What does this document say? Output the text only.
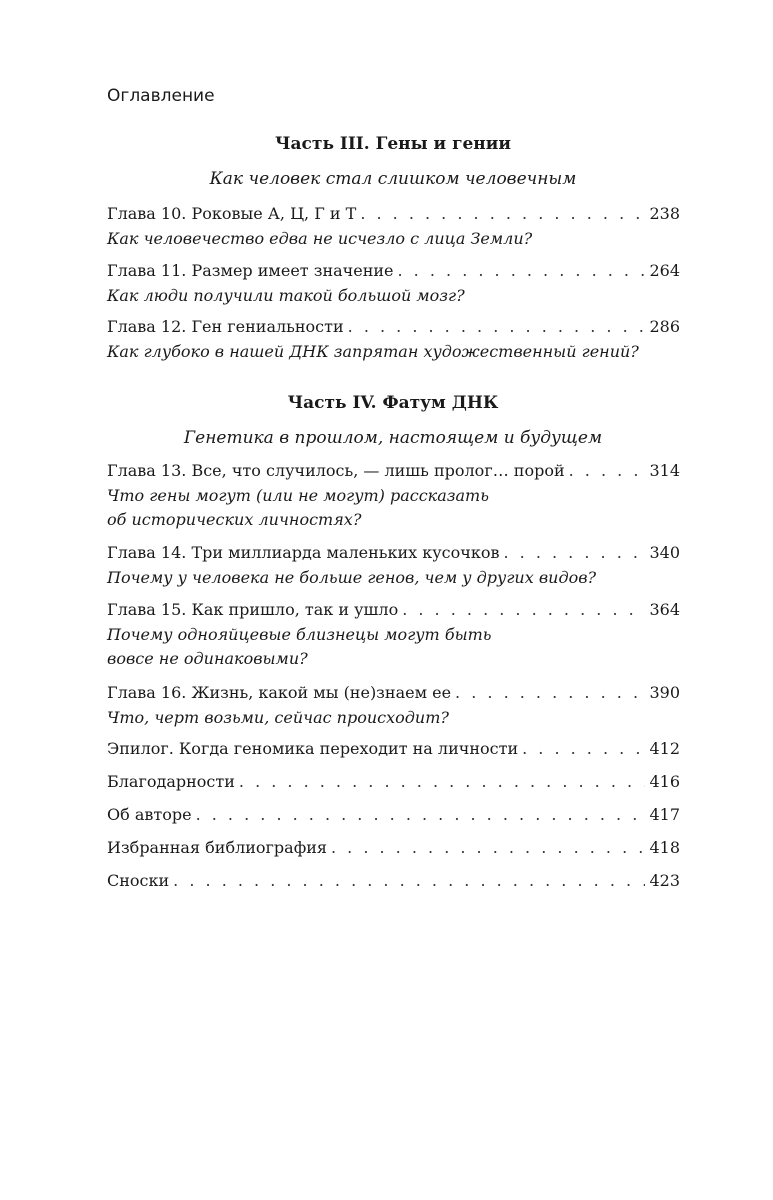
Оглавление
Часть III. Гены и гении
Как человек стал слишком человечным
Глава 10. Роковые А, Ц, Г и Т . . .	238
Как человечество едва не исчезло с лица Земли?
Глава 11. Размер имеет значение . . .	264
Как люди получили такой большой мозг?
Глава 12. Ген гениальности . . .	286
Как глубоко в нашей ДНК запрятан художественный гений?
Часть IV. Фатум ДНК
Генетика в прошлом, настоящем и будущем
Глава 13. Все, что случилось, — лишь пролог… порой . . .	314
Что гены могут (или не могут) рассказать
об исторических личностях?
Глава 14. Три миллиарда маленьких кусочков . . .	340
Почему у человека не больше генов, чем у других видов?
Глава 15. Как пришло, так и ушло . . .	364
Почему однояйцевые близнецы могут быть
вовсе не одинаковыми?
Глава 16. Жизнь, какой мы (не)знаем ее . . .	390
Что, черт возьми, сейчас происходит?
Эпилог. Когда геномика переходит на личности . . .	412
Благодарности . . .	416
Об авторе . . .	417
Избранная библиография . . .	418
Сноски . . .	423
